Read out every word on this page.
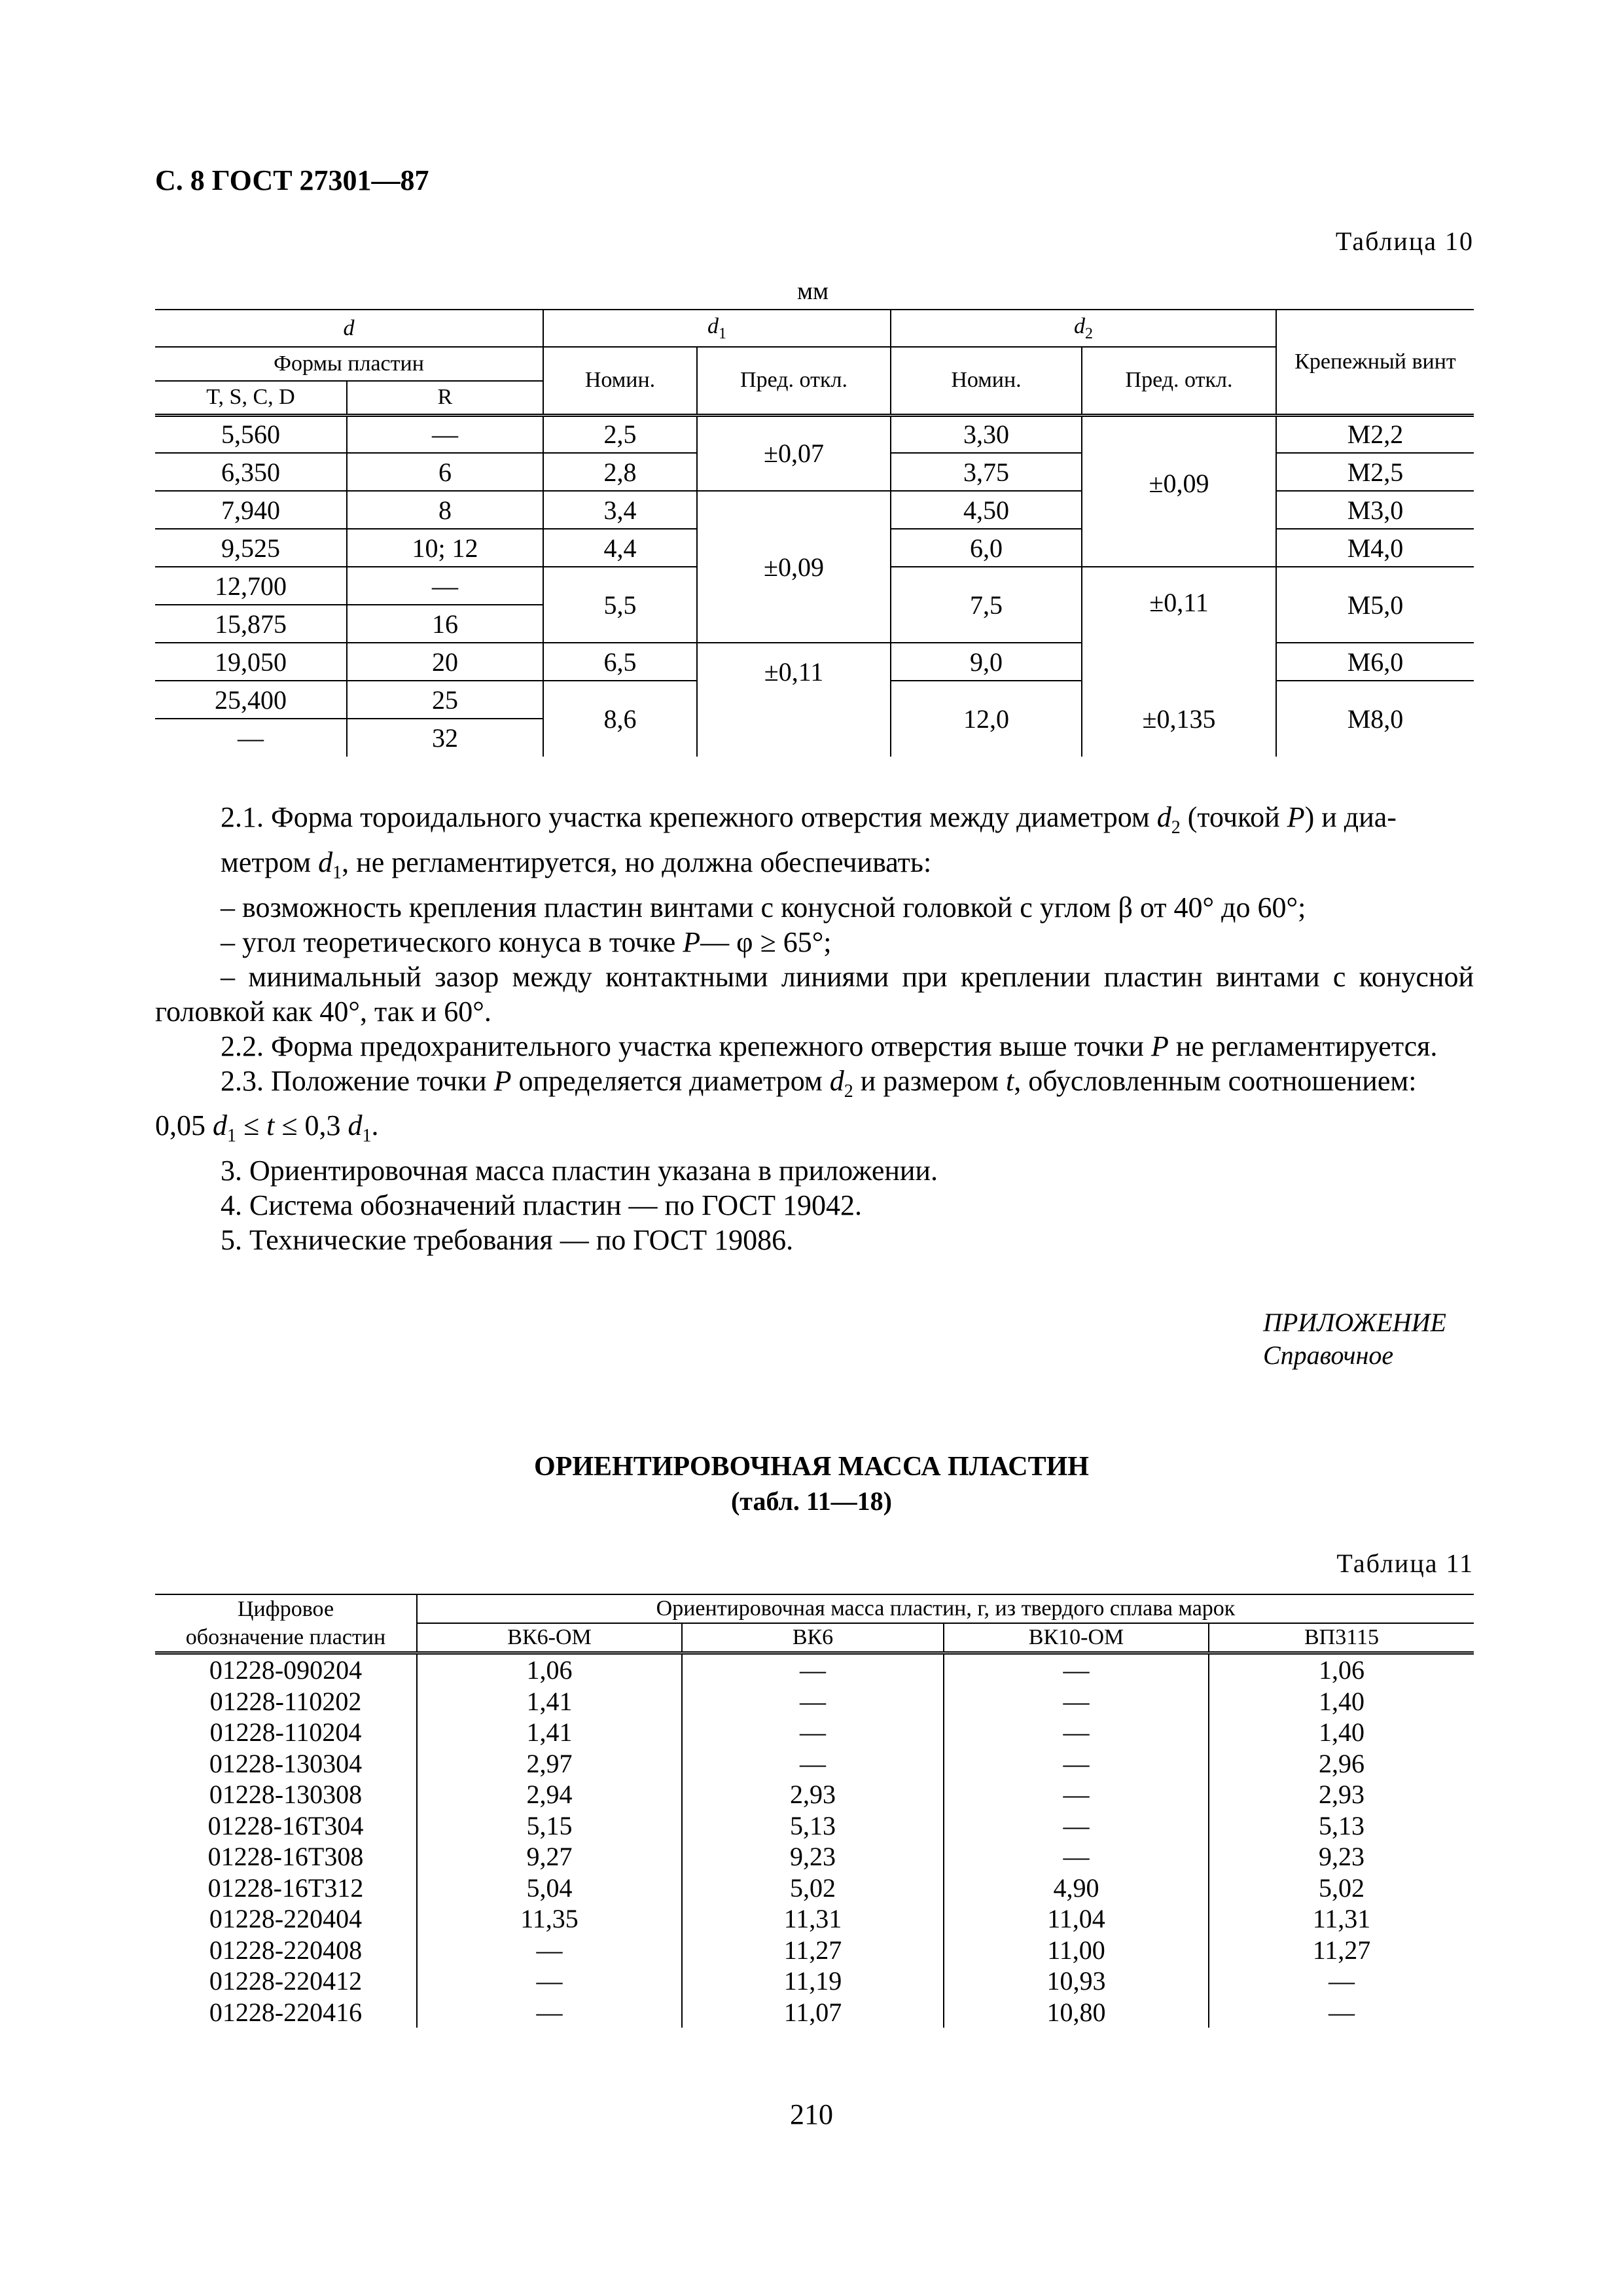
С. 8 ГОСТ 27301—87
Таблица 10
мм
d		$d_1$		$d_2$		Крепежный винт
Формы пластин		Номин.	Пред. откл.	Номин.	Пред. откл.	
T, S, C, D	R					
5,560	—	2,5	±0,07	3,30	±0,09	M2,2
6,350	6	2,8		3,75		M2,5
7,940	8	3,4	±0,09	4,50		M3,0
9,525	10; 12	4,4		6,0		M4,0
12,700	—	5,5		7,5	±0,11	M5,0
15,875	16					
19,050	20	6,5	±0,11	9,0		M6,0
25,400	25	8,6		12,0	±0,135	M8,0
—	32					

2.1. Форма тороидального участка крепежного отверстия между диаметром $d_2$ (точкой P) и диа-
метром $d_1$, не регламентируется, но должна обеспечивать:

– возможность крепления пластин винтами с конусной головкой с углом β от 40° до 60°;

– угол теоретического конуса в точке P— φ ≥ 65°;

– минимальный зазор между контактными линиями при креплении пластин винтами с конусной головкой как 40°, так и 60°.

2.2. Форма предохранительного участка крепежного отверстия выше точки P не регламентируется.

2.3. Положение точки P определяется диаметром $d_2$ и размером t, обусловленным соотношением:
0,05 $d_1 \le t \le 0,3$ $d_1$.

3. Ориентировочная масса пластин указана в приложении.

4. Система обозначений пластин — по ГОСТ 19042.

5. Технические требования — по ГОСТ 19086.

ПРИЛОЖЕНИЕ
Справочное
ОРИЕНТИРОВОЧНАЯ МАССА ПЛАСТИН
(табл. 11—18)
Таблица 11
Цифровое	Ориентировочная масса пластин, г, из твердого сплава марок			
обозначение пластин	ВК6-ОМ	ВК6	ВК10-ОМ	ВП3115
01228-090204	1,06	—	—	1,06
01228-110202	1,41	—	—	1,40
01228-110204	1,41	—	—	1,40
01228-130304	2,97	—	—	2,96
01228-130308	2,94	2,93	—	2,93
01228-16T304	5,15	5,13	—	5,13
01228-16T308	9,27	9,23	—	9,23
01228-16T312	5,04	5,02	4,90	5,02
01228-220404	11,35	11,31	11,04	11,31
01228-220408	—	11,27	11,00	11,27
01228-220412	—	11,19	10,93	—
01228-220416	—	11,07	10,80	—
210
